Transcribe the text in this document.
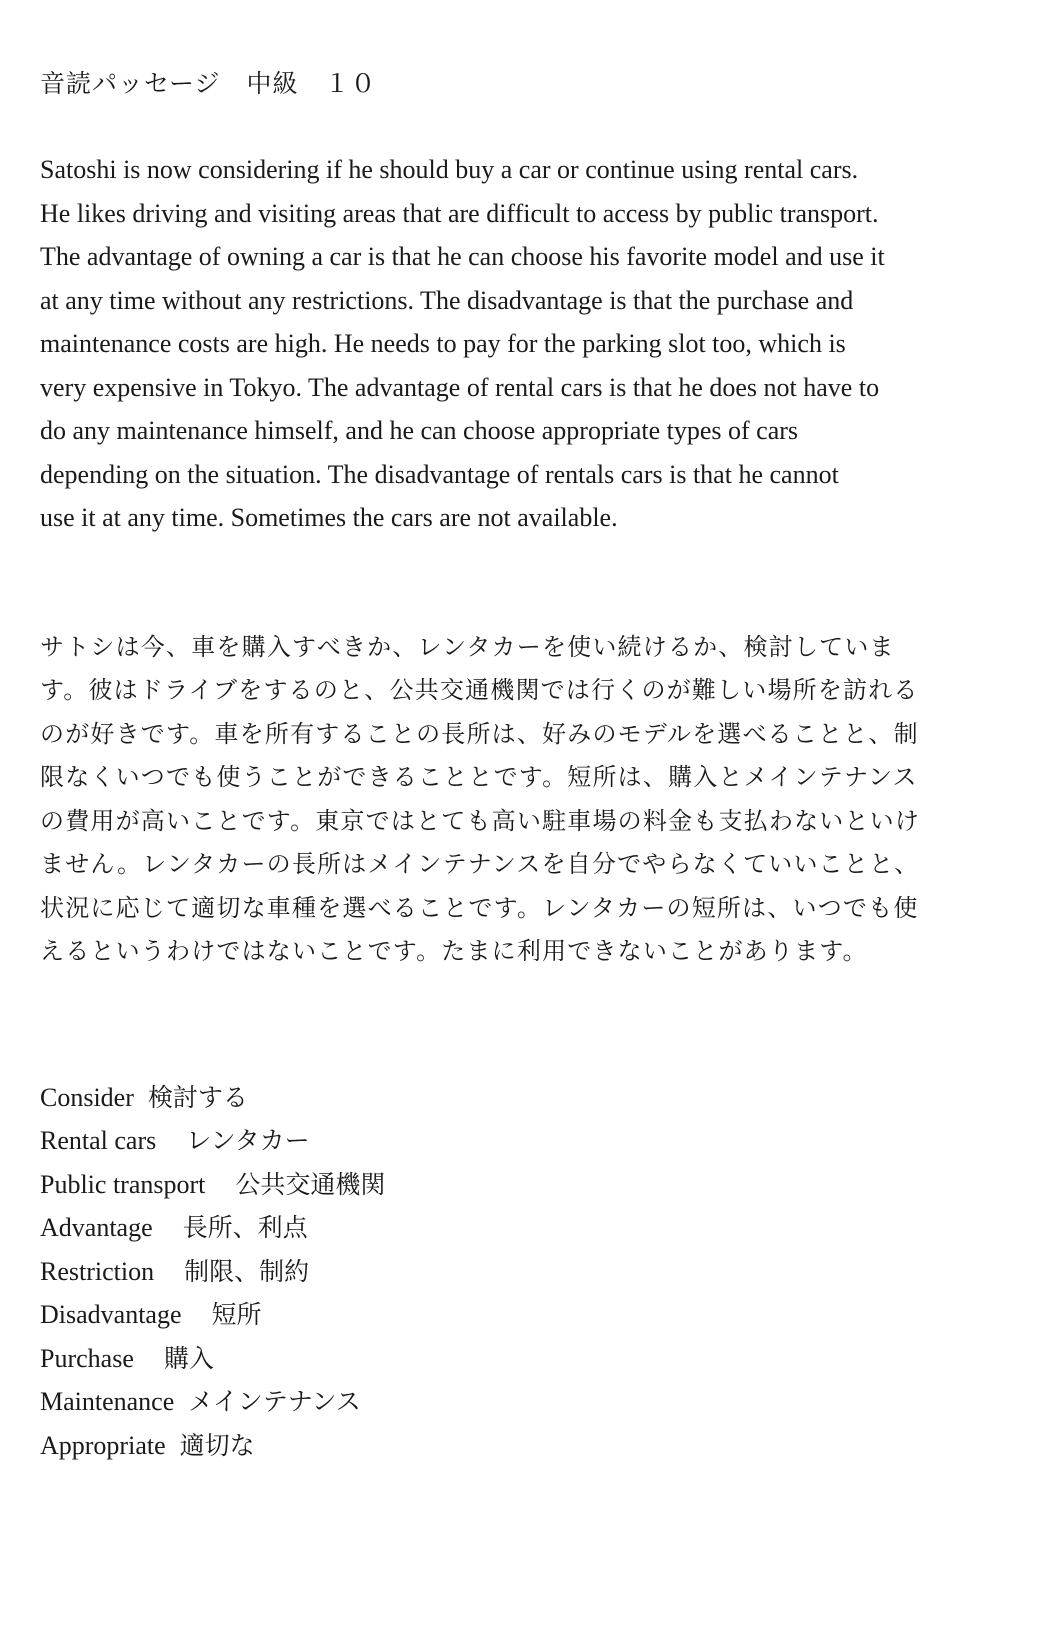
音読パッセージ　中級　１０

Satoshi is now considering if he should buy a car or continue using rental cars.

He likes driving and visiting areas that are difficult to access by public transport.

The advantage of owning a car is that he can choose his favorite model and use it

at any time without any restrictions. The disadvantage is that the purchase and

maintenance costs are high. He needs to pay for the parking slot too, which is

very expensive in Tokyo. The advantage of rental cars is that he does not have to

do any maintenance himself, and he can choose appropriate types of cars

depending on the situation. The disadvantage of rentals cars is that he cannot

use it at any time. Sometimes the cars are not available.

サトシは今、車を購入すべきか、レンタカーを使い続けるか、検討していま

す。彼はドライブをするのと、公共交通機関では行くのが難しい場所を訪れる

のが好きです。車を所有することの長所は、好みのモデルを選べることと、制

限なくいつでも使うことができることとです。短所は、購入とメインテナンス

の費用が高いことです。東京ではとても高い駐車場の料金も支払わないといけ

ません。レンタカーの長所はメインテナンスを自分でやらなくていいことと、

状況に応じて適切な車種を選べることです。レンタカーの短所は、いつでも使

えるというわけではないことです。たまに利用できないことがあります。

Consider 検討する
Rental cars レンタカー
Public transport 公共交通機関
Advantage 長所、利点
Restriction 制限、制約
Disadvantage 短所
Purchase 購入
Maintenance メインテナンス
Appropriate 適切な
